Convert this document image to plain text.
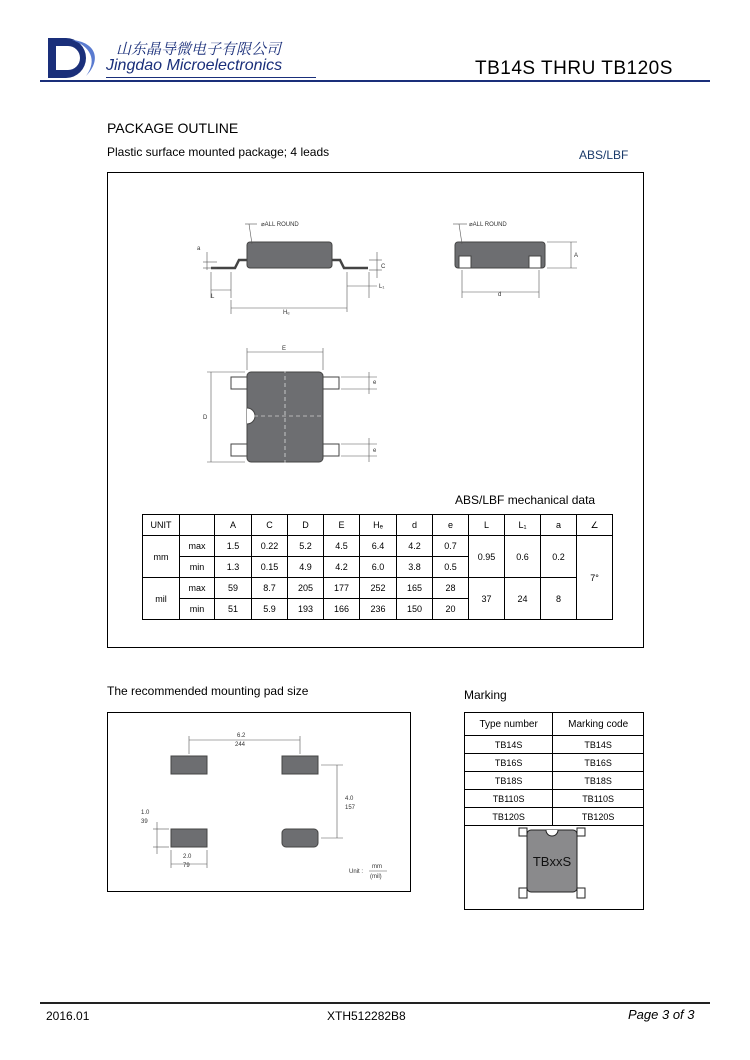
山东晶导微电子有限公司
Jingdao Microelectronics	TB14S THRU TB120S
PACKAGE OUTLINE
Plastic surface mounted package; 4 leads	ABS/LBF
⌀ALL ROUND	⌀ALL ROUND
a
C
L
L₁
Hₑ
A
d
E
D
e
e
ABS/LBF mechanical data
UNIT		A	C	D	E	Hₑ	d	e	L	L₁	a	∠
mm	max	1.5	0.22	5.2	4.5	6.4	4.2	0.7	0.95	0.6	0.2	7°
	min	1.3	0.15	4.9	4.2	6.0	3.8	0.5				
mil	max	59	8.7	205	177	252	165	28	37	24	8	
	min	51	5.9	193	166	236	150	20				
The recommended mounting pad size
6.2
244
4.0
157
1.0
39
2.0
79
Unit :
mm
(mil)
Marking
Type number	Marking code
TB14S	TB14S
TB16S	TB16S
TB18S	TB18S
TB110S	TB110S
TB120S	TB120S
TBxxS
2016.01	XTH512282B8	Page 3 of 3
